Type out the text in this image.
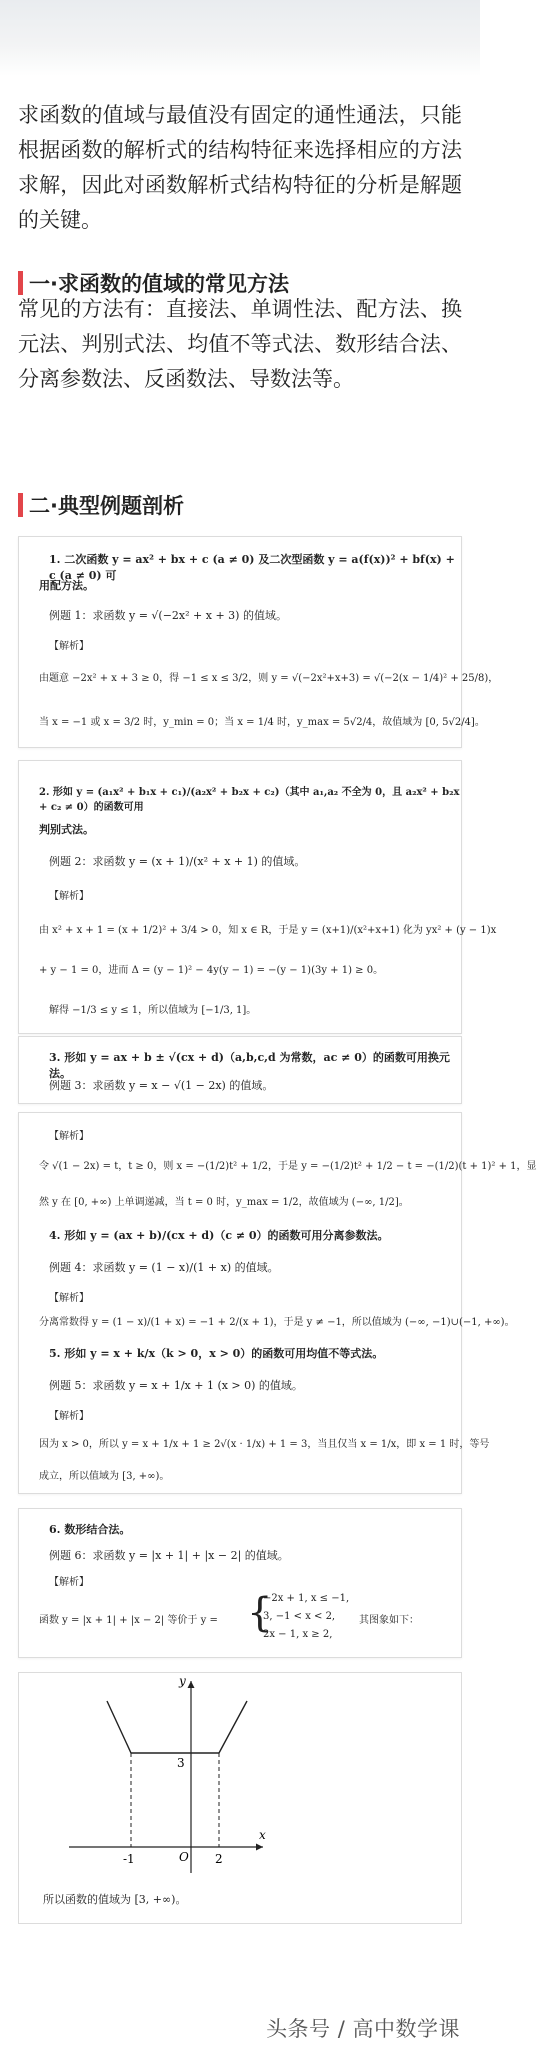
求函数的值域与最值没有固定的通性通法，只能根据函数的解析式的结构特征来选择相应的方法求解，因此对函数解析式结构特征的分析是解题的关键。
一·求函数的值域的常见方法
常见的方法有：直接法、单调性法、配方法、换元法、判别式法、均值不等式法、数形结合法、分离参数法、反函数法、导数法等。
二·典型例题剖析
1. 二次函数 y = ax² + bx + c (a ≠ 0) 及二次型函数 y = a(f(x))² + bf(x) + c (a ≠ 0) 可
用配方法。
例题 1：求函数 y = √(−2x² + x + 3) 的值域。
【解析】
由题意 −2x² + x + 3 ≥ 0，得 −1 ≤ x ≤ 3/2，则 y = √(−2x²+x+3) = √(−2(x − 1/4)² + 25/8)，
当 x = −1 或 x = 3/2 时，y_min = 0；当 x = 1/4 时，y_max = 5√2/4，故值域为 [0, 5√2/4]。
2. 形如 y = (a₁x² + b₁x + c₁)/(a₂x² + b₂x + c₂)（其中 a₁,a₂ 不全为 0，且 a₂x² + b₂x + c₂ ≠ 0）的函数可用
判别式法。
例题 2：求函数 y = (x + 1)/(x² + x + 1) 的值域。
【解析】
由 x² + x + 1 = (x + 1/2)² + 3/4 > 0，知 x ∈ R，于是 y = (x+1)/(x²+x+1) 化为 yx² + (y − 1)x
+ y − 1 = 0，进而 Δ = (y − 1)² − 4y(y − 1) = −(y − 1)(3y + 1) ≥ 0。
解得 −1/3 ≤ y ≤ 1，所以值域为 [−1/3, 1]。
3. 形如 y = ax + b ± √(cx + d)（a,b,c,d 为常数，ac ≠ 0）的函数可用换元法。
例题 3：求函数 y = x − √(1 − 2x) 的值域。
【解析】
令 √(1 − 2x) = t，t ≥ 0，则 x = −(1/2)t² + 1/2，于是 y = −(1/2)t² + 1/2 − t = −(1/2)(t + 1)² + 1，显
然 y 在 [0, +∞) 上单调递减，当 t = 0 时，y_max = 1/2，故值域为 (−∞, 1/2]。
4. 形如 y = (ax + b)/(cx + d)（c ≠ 0）的函数可用分离参数法。
例题 4：求函数 y = (1 − x)/(1 + x) 的值域。
【解析】
分离常数得 y = (1 − x)/(1 + x) = −1 + 2/(x + 1)，于是 y ≠ −1，所以值域为 (−∞, −1)∪(−1, +∞)。
5. 形如 y = x + k/x（k > 0，x > 0）的函数可用均值不等式法。
例题 5：求函数 y = x + 1/x + 1 (x > 0) 的值域。
【解析】
因为 x > 0，所以 y = x + 1/x + 1 ≥ 2√(x · 1/x) + 1 = 3，当且仅当 x = 1/x，即 x = 1 时，等号
成立，所以值域为 [3, +∞)。
6. 数形结合法。
例题 6：求函数 y = |x + 1| + |x − 2| 的值域。
【解析】
函数 y = |x + 1| + |x − 2| 等价于 y = {
−2x + 1, x ≤ −1,
3, −1 < x < 2,
2x − 1, x ≥ 2,
其图象如下：
y
x
O
3
-1	2
所以函数的值域为 [3, +∞)。
头条号 / 高中数学课
